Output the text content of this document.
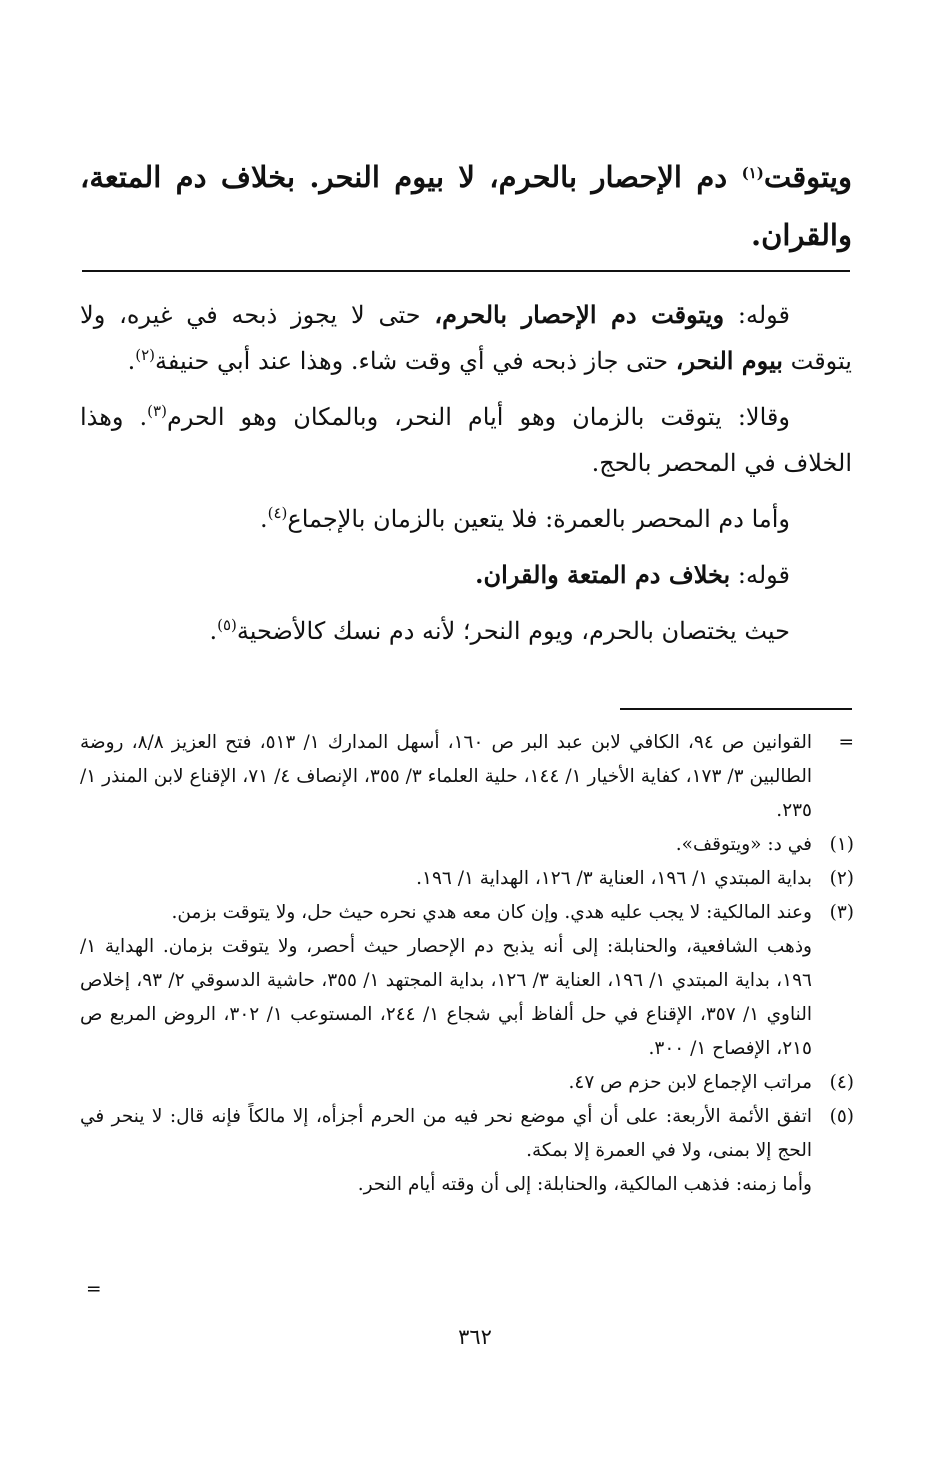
ويتوقت$^{(١)}$ دم الإحصار بالحرم، لا بيوم النحر. بخلاف دم المتعة، والقران.

قوله: ويتوقت دم الإحصار بالحرم، حتى لا يجوز ذبحه في غيره، ولا يتوقت بيوم النحر، حتى جاز ذبحه في أي وقت شاء. وهذا عند أبي حنيفة$^{(٢)}$.

وقالا: يتوقت بالزمان وهو أيام النحر، وبالمكان وهو الحرم$^{(٣)}$. وهذا الخلاف في المحصر بالحج.

وأما دم المحصر بالعمرة: فلا يتعين بالزمان بالإجماع$^{(٤)}$.

قوله: بخلاف دم المتعة والقران.

حيث يختصان بالحرم، ويوم النحر؛ لأنه دم نسك كالأضحية$^{(٥)}$.

=
القوانين ص ٩٤، الكافي لابن عبد البر ص ١٦٠، أسهل المدارك ١/ ٥١٣، فتح العزيز ٨/٨، روضة الطالبين ٣/ ١٧٣، كفاية الأخيار ١/ ١٤٤، حلية العلماء ٣/ ٣٥٥، الإنصاف ٤/ ٧١، الإقناع لابن المنذر ١/ ٢٣٥.
(١)
في د: «ويتوقف».
(٢)
بداية المبتدي ١/ ١٩٦، العناية ٣/ ١٢٦، الهداية ١/ ١٩٦.
(٣)
وعند المالكية: لا يجب عليه هدي. وإن كان معه هدي نحره حيث حل، ولا يتوقت بزمن.
وذهب الشافعية، والحنابلة: إلى أنه يذبح دم الإحصار حيث أحصر، ولا يتوقت بزمان. الهداية ١/ ١٩٦، بداية المبتدي ١/ ١٩٦، العناية ٣/ ١٢٦، بداية المجتهد ١/ ٣٥٥، حاشية الدسوقي ٢/ ٩٣، إخلاص الناوي ١/ ٣٥٧، الإقناع في حل ألفاظ أبي شجاع ١/ ٢٤٤، المستوعب ١/ ٣٠٢، الروض المربع ص ٢١٥، الإفصاح ١/ ٣٠٠.
(٤)
مراتب الإجماع لابن حزم ص ٤٧.
(٥)
اتفق الأئمة الأربعة: على أن أي موضع نحر فيه من الحرم أجزأه، إلا مالكاً فإنه قال: لا ينحر في الحج إلا بمنى، ولا في العمرة إلا بمكة.
وأما زمنه: فذهب المالكية، والحنابلة: إلى أن وقته أيام النحر.
=
٣٦٢
